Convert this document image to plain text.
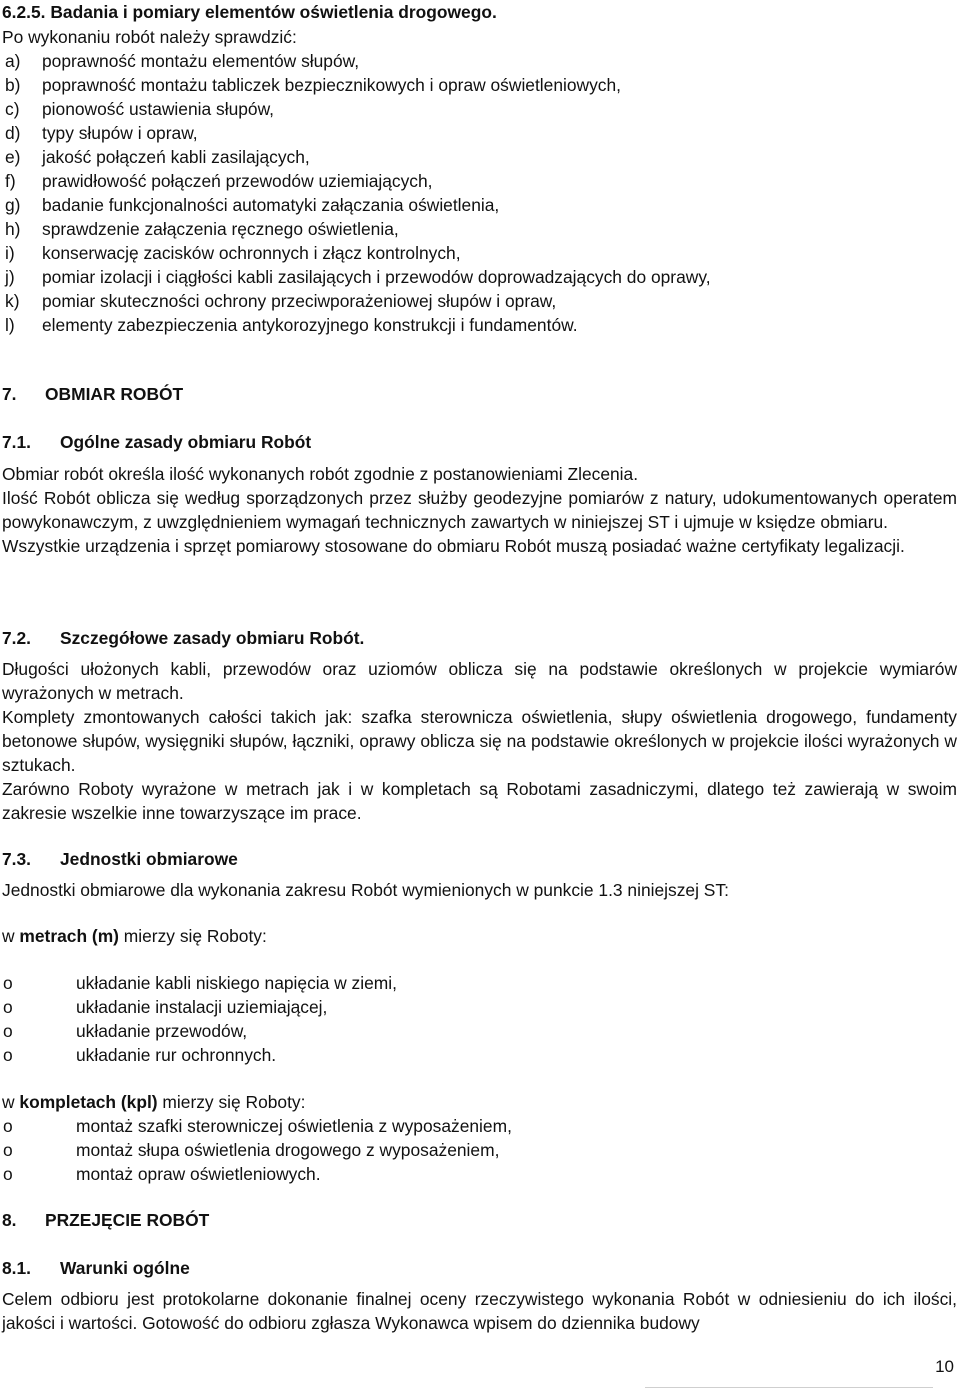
6.2.5. Badania i pomiary elementów oświetlenia drogowego.

Po wykonaniu robót należy sprawdzić:

a)	poprawność montażu elementów słupów,
b)	poprawność montażu tabliczek bezpiecznikowych i opraw oświetleniowych,
c)	pionowość ustawienia słupów,
d)	typy słupów i opraw,
e)	jakość połączeń kabli zasilających,
f)	prawidłowość połączeń przewodów uziemiających,
g)	badanie funkcjonalności automatyki załączania oświetlenia,
h)	sprawdzenie załączenia ręcznego oświetlenia,
i)	konserwację zacisków ochronnych i złącz kontrolnych,
j)	pomiar izolacji i ciągłości kabli zasilających i przewodów doprowadzających do oprawy,
k)	pomiar skuteczności ochrony przeciwporażeniowej słupów i opraw,
l)	elementy zabezpieczenia antykorozyjnego konstrukcji i fundamentów.
7. OBMIAR ROBÓT
7.1. Ogólne zasady obmiaru Robót

Obmiar robót określa ilość wykonanych robót zgodnie z postanowieniami Zlecenia.

Ilość Robót oblicza się według sporządzonych przez służby geodezyjne pomiarów z natury, udokumentowanych operatem powykonawczym, z uwzględnieniem wymagań technicznych zawartych w niniejszej ST i ujmuje w księdze obmiaru.

Wszystkie urządzenia i sprzęt pomiarowy stosowane do obmiaru Robót muszą posiadać ważne certyfikaty legalizacji.

7.2. Szczegółowe zasady obmiaru Robót.

Długości ułożonych kabli, przewodów oraz uziomów oblicza się na podstawie określonych w projekcie wymiarów wyrażonych w metrach.

Komplety zmontowanych całości takich jak: szafka sterownicza oświetlenia, słupy oświetlenia drogowego, fundamenty betonowe słupów, wysięgniki słupów, łączniki, oprawy oblicza się na podstawie określonych w projekcie ilości wyrażonych w sztukach.

Zarówno Roboty wyrażone w metrach jak i w kompletach są Robotami zasadniczymi, dlatego też zawierają w swoim zakresie wszelkie inne towarzyszące im prace.

7.3. Jednostki obmiarowe

Jednostki obmiarowe dla wykonania zakresu Robót wymienionych w punkcie 1.3 niniejszej ST:

w metrach (m) mierzy się Roboty:

o	układanie kabli niskiego napięcia w ziemi,
o	układanie instalacji uziemiającej,
o	układanie przewodów,
o	układanie rur ochronnych.

w kompletach (kpl) mierzy się Roboty:

o	montaż szafki sterowniczej oświetlenia z wyposażeniem,
o	montaż słupa oświetlenia drogowego z wyposażeniem,
o	montaż opraw oświetleniowych.
8. PRZEJĘCIE ROBÓT
8.1. Warunki ogólne

Celem odbioru jest protokolarne dokonanie finalnej oceny rzeczywistego wykonania Robót w odniesieniu do ich ilości, jakości i wartości. Gotowość do odbioru zgłasza Wykonawca wpisem do dziennika budowy

10
